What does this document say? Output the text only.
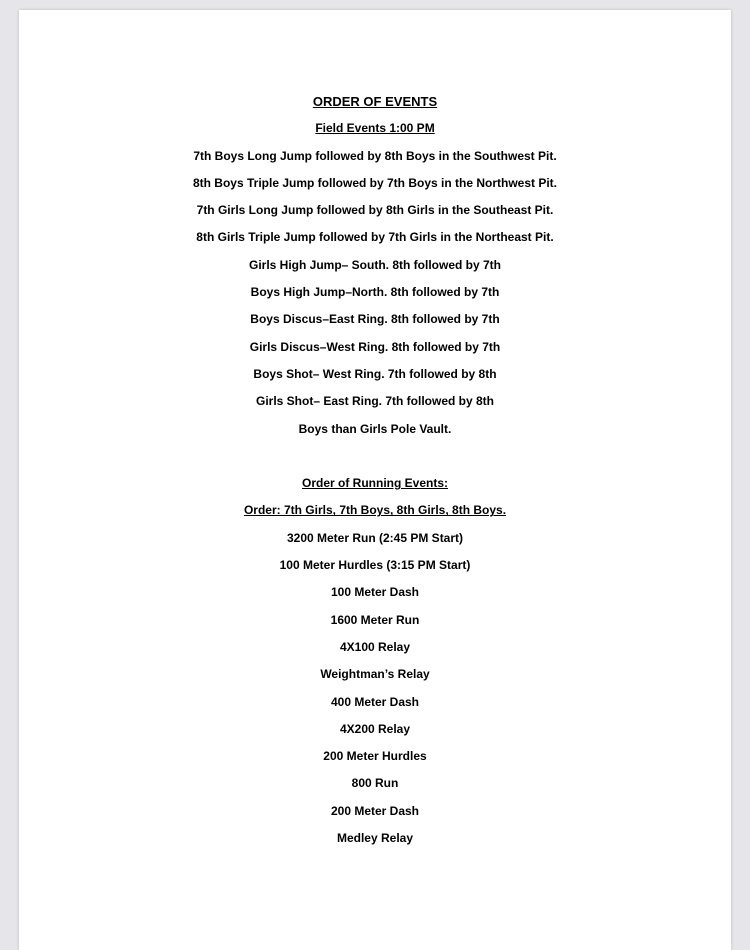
ORDER OF EVENTS
Field Events 1:00 PM
7th Boys Long Jump followed by 8th Boys in the Southwest Pit.
8th Boys Triple Jump followed by 7th Boys in the Northwest Pit.
7th Girls Long Jump followed by 8th Girls in the Southeast Pit.
8th Girls Triple Jump followed by 7th Girls in the Northeast Pit.
Girls High Jump– South. 8th followed by 7th
Boys High Jump–North. 8th followed by 7th
Boys Discus–East Ring. 8th followed by 7th
Girls Discus–West Ring. 8th followed by 7th
Boys Shot– West Ring. 7th followed by 8th
Girls Shot– East Ring. 7th followed by 8th
Boys than Girls Pole Vault.
Order of Running Events:
Order: 7th Girls, 7th Boys, 8th Girls, 8th Boys.
3200 Meter Run (2:45 PM Start)
100 Meter Hurdles (3:15 PM Start)
100 Meter Dash
1600 Meter Run
4X100 Relay
Weightman’s Relay
400 Meter Dash
4X200 Relay
200 Meter Hurdles
800 Run
200 Meter Dash
Medley Relay
